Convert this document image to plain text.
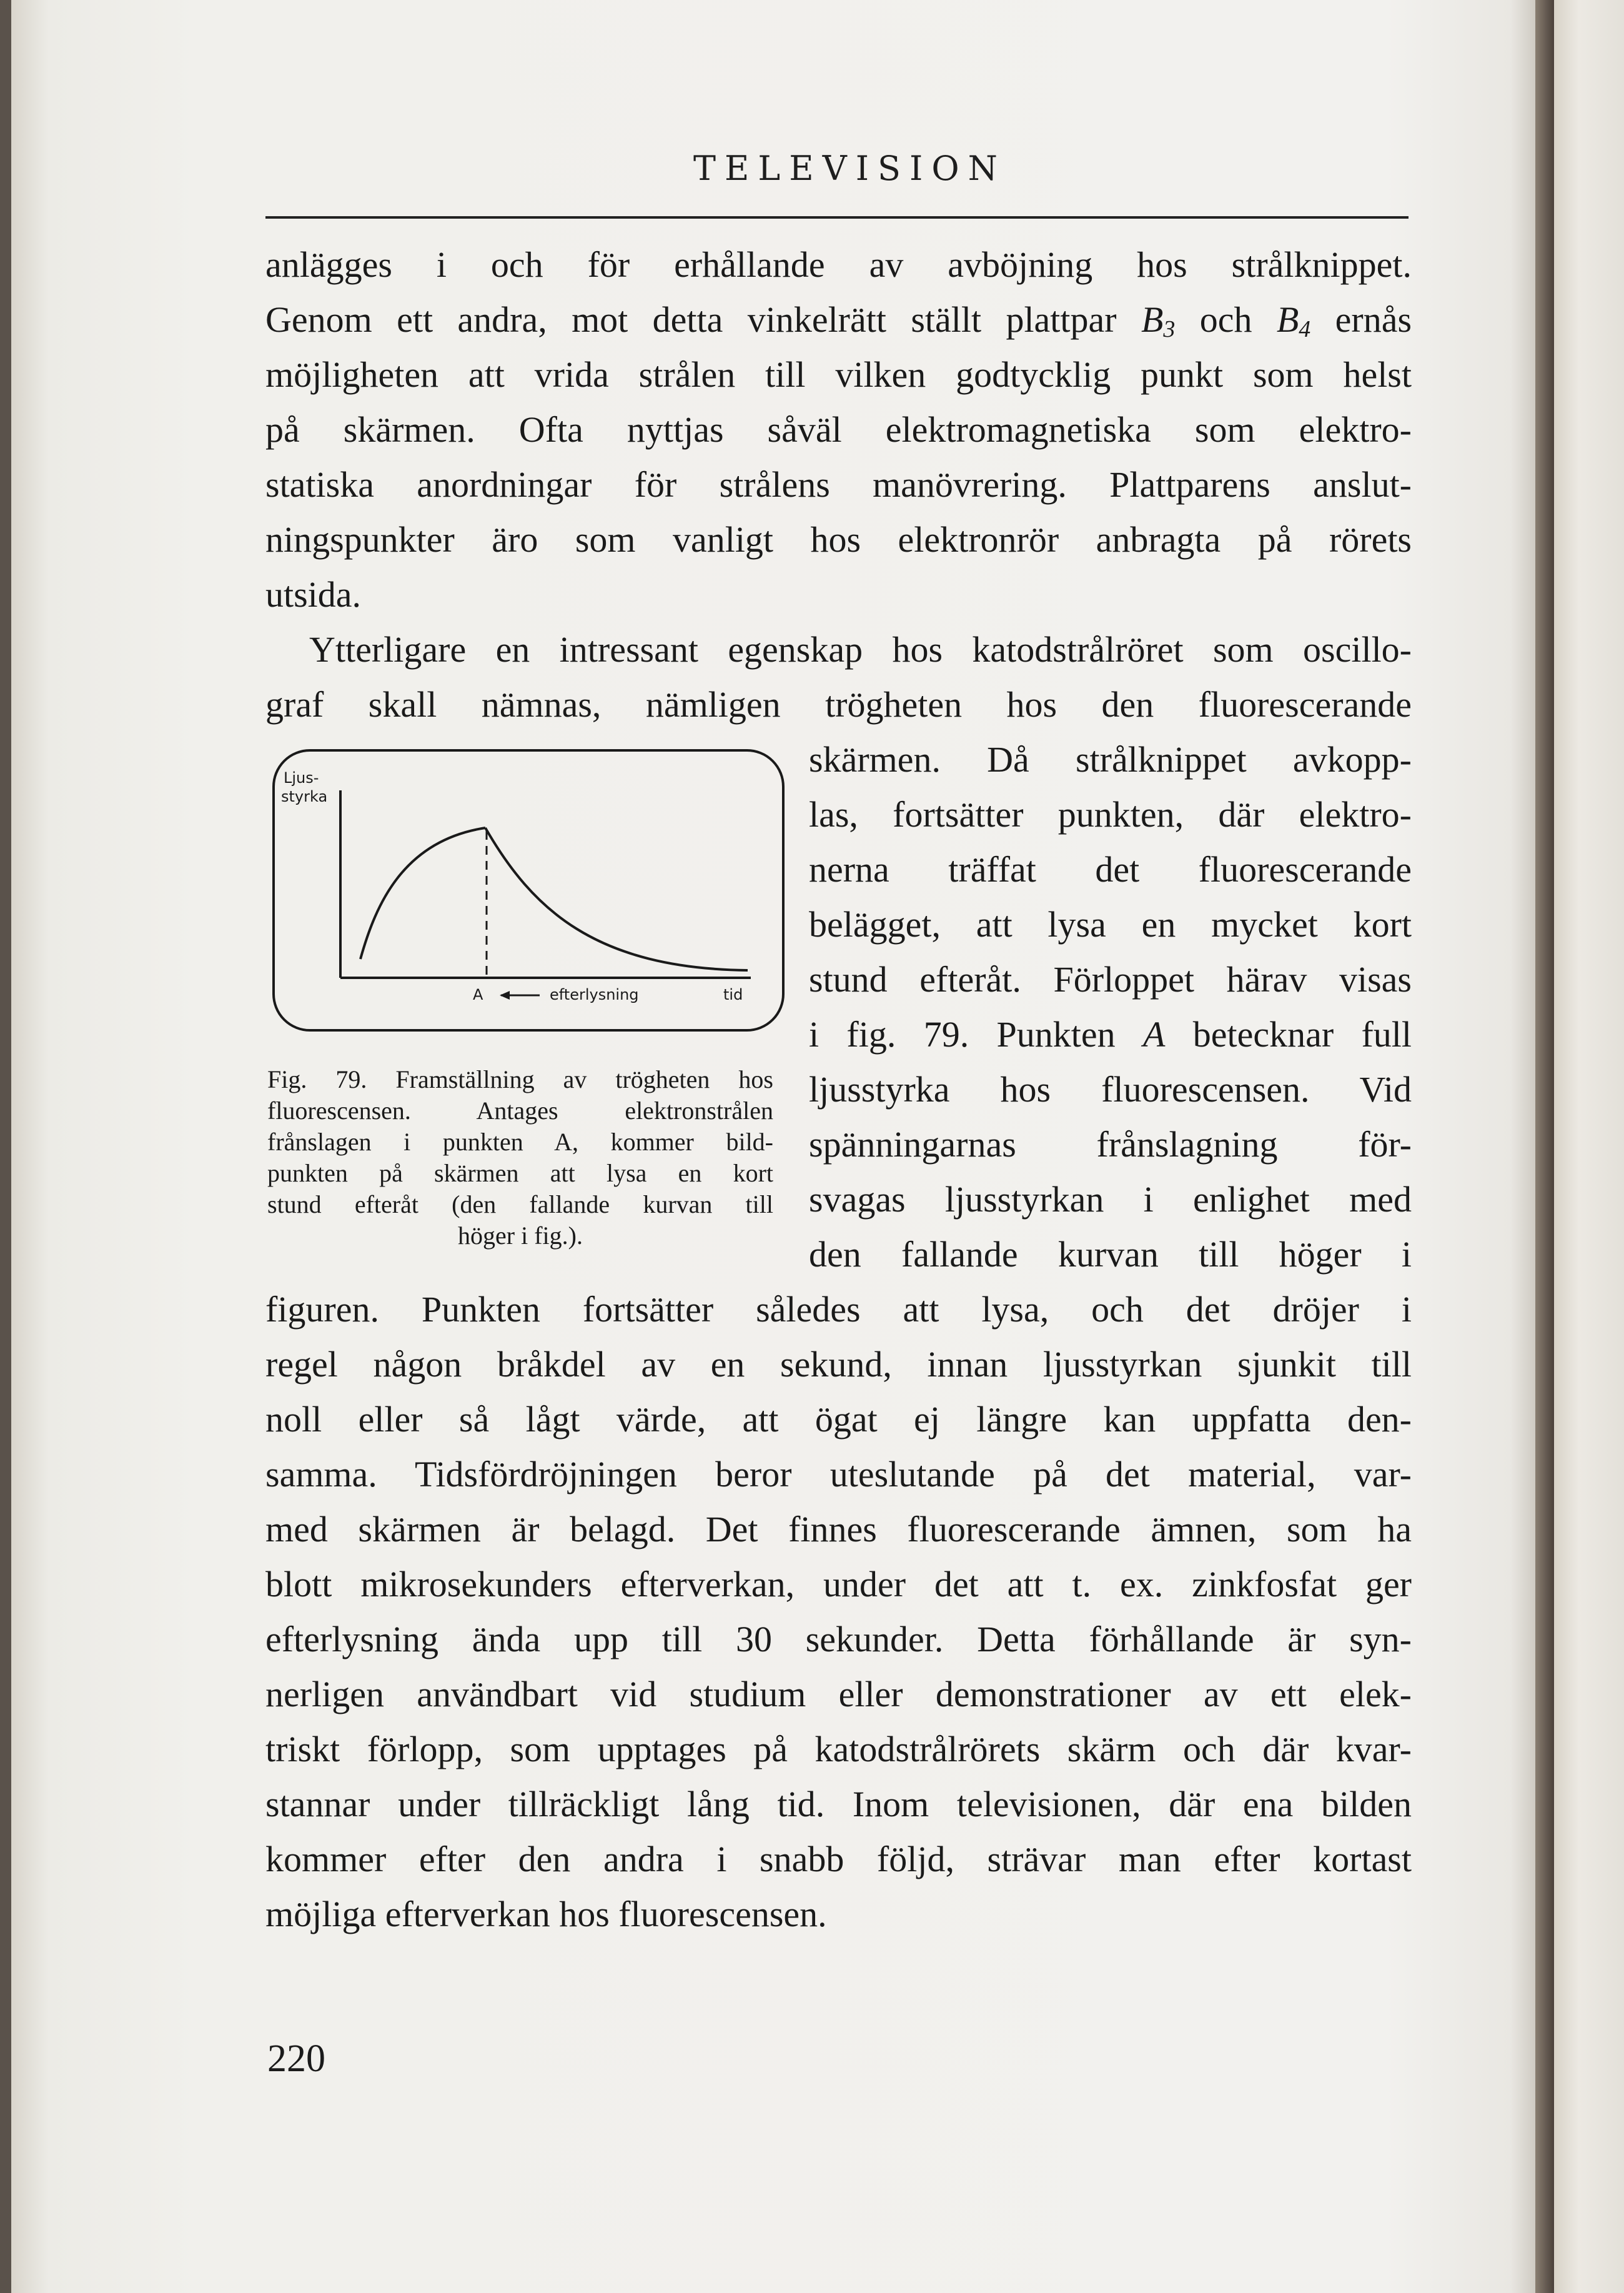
TELEVISION
anlägges i och för erhållande av avböjning hos strålknippet.
Genom ett andra, mot detta vinkelrätt ställt plattpar $B_3$ och $B_4$ ernås
möjligheten att vrida strålen till vilken godtycklig punkt som helst
på skärmen. Ofta nyttjas såväl elektromagnetiska som elektro-
statiska anordningar för strålens manövrering. Plattparens anslut-
ningspunkter äro som vanligt hos elektronrör anbragta på rörets
utsida.
Ytterligare en intressant egenskap hos katodstrålröret som oscillo-
graf skall nämnas, nämligen trögheten hos den fluorescerande
skärmen. Då strålknippet avkopp-
las, fortsätter punkten, där elektro-
nerna träffat det fluorescerande
belägget, att lysa en mycket kort
stund efteråt. Förloppet härav visas
i fig. 79. Punkten A betecknar full
ljusstyrka hos fluorescensen. Vid
spänningarnas frånslagning för-
svagas ljusstyrkan i enlighet med
den fallande kurvan till höger i
figuren. Punkten fortsätter således att lysa, och det dröjer i
regel någon bråkdel av en sekund, innan ljusstyrkan sjunkit till
noll eller så lågt värde, att ögat ej längre kan uppfatta den-
samma. Tidsfördröjningen beror uteslutande på det material, var-
med skärmen är belagd. Det finnes fluorescerande ämnen, som ha
blott mikrosekunders efterverkan, under det att t. ex. zinkfosfat ger
efterlysning ända upp till 30 sekunder. Detta förhållande är syn-
nerligen användbart vid studium eller demonstrationer av ett elek-
triskt förlopp, som upptages på katodstrålrörets skärm och där kvar-
stannar under tillräckligt lång tid. Inom televisionen, där ena bilden
kommer efter den andra i snabb följd, strävar man efter kortast
möjliga efterverkan hos fluorescensen.
Ljus-
styrka
A	efterlysning	tid
Fig. 79. Framställning av trögheten hos
fluorescensen. Antages elektronstrålen
frånslagen i punkten A, kommer bild-
punkten på skärmen att lysa en kort
stund efteråt (den fallande kurvan till
höger i fig.).
220
